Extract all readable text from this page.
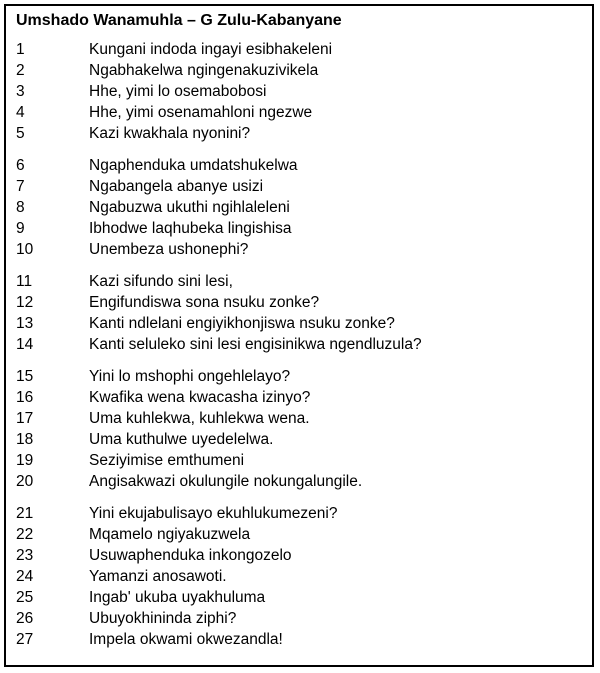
Umshado Wanamuhla – G Zulu-Kabanyane
1	Kungani indoda ingayi esibhakeleni
2	Ngabhakelwa ngingenakuzivikela
3	Hhe, yimi lo osemabobosi
4	Hhe, yimi osenamahloni ngezwe
5	Kazi kwakhala nyonini?
6	Ngaphenduka umdatshukelwa
7	Ngabangela abanye usizi
8	Ngabuzwa ukuthi ngihlaleleni
9	Ibhodwe laqhubeka lingishisa
10	Unembeza ushonephi?
11	Kazi sifundo sini lesi,
12	Engifundiswa sona nsuku zonke?
13	Kanti ndlelani engiyikhonjiswa nsuku zonke?
14	Kanti seluleko sini lesi engisinikwa ngendluzula?
15	Yini lo mshophi ongehlelayo?
16	Kwafika wena kwacasha izinyo?
17	Uma kuhlekwa, kuhlekwa wena.
18	Uma kuthulwe uyedelelwa.
19	Seziyimise emthumeni
20	Angisakwazi okulungile nokungalungile.
21	Yini ekujabulisayo ekuhlukumezeni?
22	Mqamelo ngiyakuzwela
23	Usuwaphenduka inkongozelo
24	Yamanzi anosawoti.
25	Ingab' ukuba uyakhuluma
26	Ubuyokhininda ziphi?
27	Impela okwami okwezandla!
